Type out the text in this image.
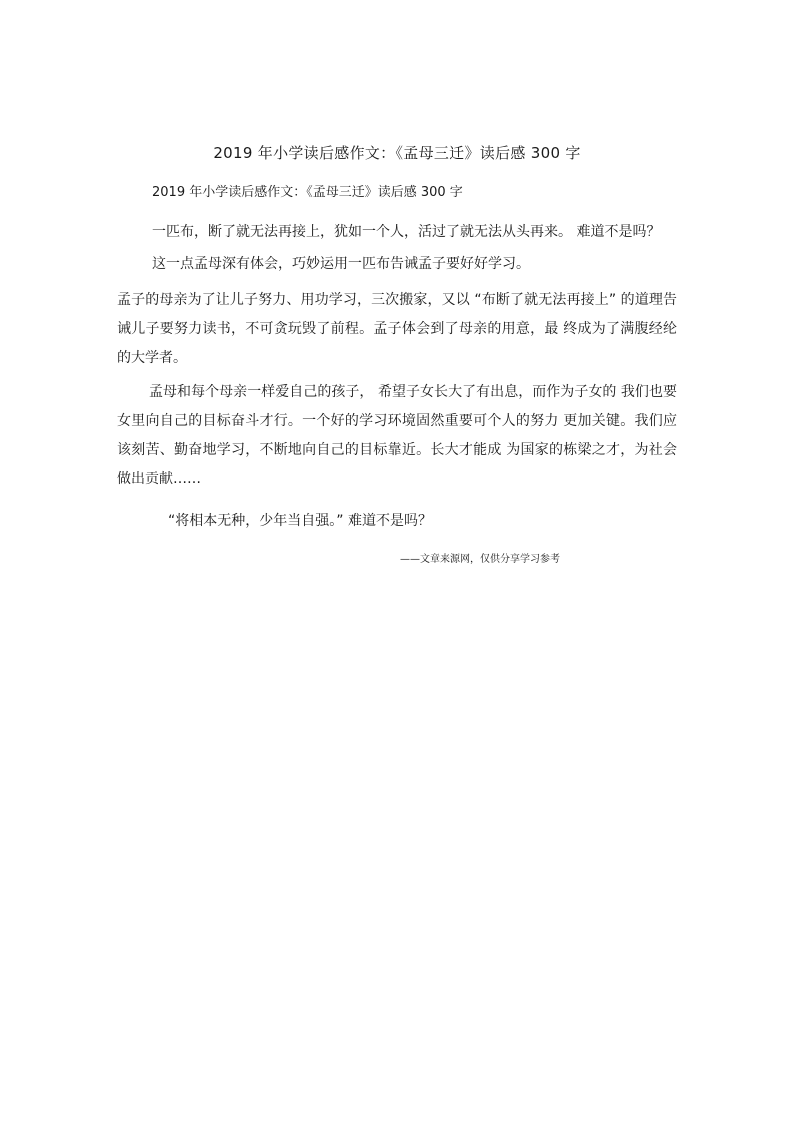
2019 年小学读后感作文：《孟母三迁》读后感 300 字
2019 年小学读后感作文：《孟母三迁》读后感 300 字
一匹布，断了就无法再接上，犹如一个人，活过了就无法从头再来。 难道不是吗？
这一点孟母深有体会，巧妙运用一匹布告诫孟子要好好学习。
孟子的母亲为了让儿子努力、用功学习，三次搬家，又以 “布断了就无法再接上” 的道理告诫儿子要努力读书，不可贪玩毁了前程。孟子体会到了母亲的用意，最 终成为了满腹经纶的大学者。
孟母和每个母亲一样爱自己的孩子， 希望子女长大了有出息，而作为子女的 我们也要女里向自己的目标奋斗才行。一个好的学习环境固然重要可个人的努力 更加关键。我们应该刻苦、勤奋地学习，不断地向自己的目标靠近。长大才能成 为国家的栋梁之才，为社会做出贡献……
“将相本无种，少年当自强。” 难道不是吗？
——文章来源网，仅供分享学习参考
